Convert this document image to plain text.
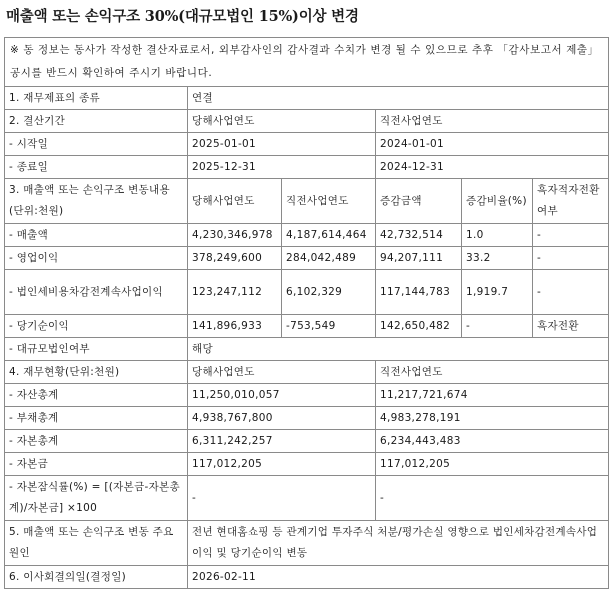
매출액 또는 손익구조 30%(대규모법인 15%)이상 변경
※ 동 정보는 동사가 작성한 결산자료로서, 외부감사인의 감사결과 수치가 변경 될 수 있으므로 추후 「감사보고서 제출」공시를 반드시 확인하여 주시기 바랍니다.					
1. 재무제표의 종류	연결				
2. 결산기간	당해사업연도		직전사업연도		
- 시작일	2025-01-01		2024-01-01		
- 종료일	2025-12-31		2024-12-31		
3. 매출액 또는 손익구조 변동내용(단위:천원)	당해사업연도	직전사업연도	증감금액	증감비율(%)	흑자적자전환여부
- 매출액	4,230,346,978	4,187,614,464	42,732,514	1.0	-
- 영업이익	378,249,600	284,042,489	94,207,111	33.2	-
- 법인세비용차감전계속사업이익	123,247,112	6,102,329	117,144,783	1,919.7	-
- 당기순이익	141,896,933	-753,549	142,650,482	-	흑자전환
- 대규모법인여부	해당				
4. 재무현황(단위:천원)	당해사업연도		직전사업연도		
- 자산총계	11,250,010,057		11,217,721,674		
- 부채총계	4,938,767,800		4,983,278,191		
- 자본총계	6,311,242,257		6,234,443,483		
- 자본금	117,012,205		117,012,205		
- 자본잠식률(%) = [(자본금-자본총계)/자본금] ×100	-		-		
5. 매출액 또는 손익구조 변동 주요원인	전년 현대홈쇼핑 등 관계기업 투자주식 처분/평가손실 영향으로 법인세차감전계속사업이익 및 당기순이익 변동				
6. 이사회결의일(결정일)	2026-02-11				
